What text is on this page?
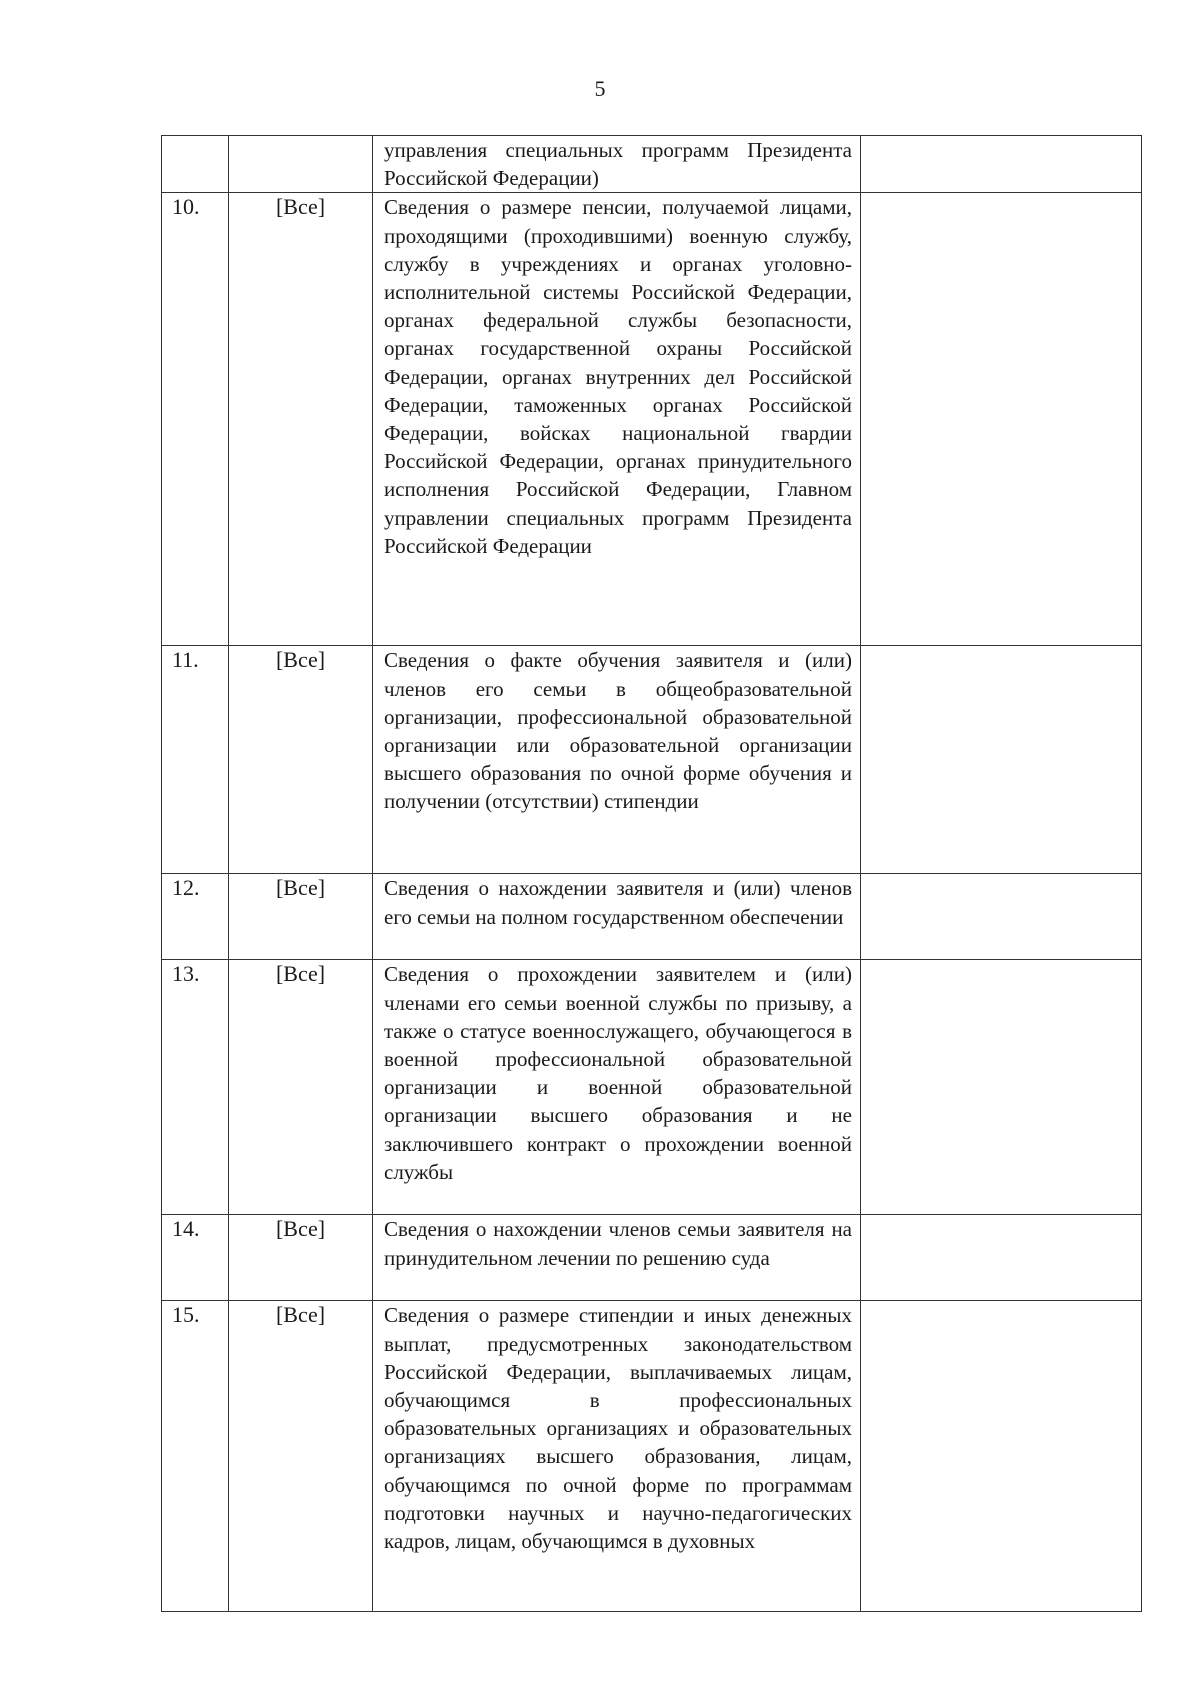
5

		управления специальных программ Президента Российской Федерации)	

10.	[Все]	Сведения о размере пенсии, получаемой лицами, проходящими (проходившими) военную службу, службу в учреждениях и органах уголовно-исполнительной системы Российской Федерации, органах федеральной службы безопасности, органах государственной охраны Российской Федерации, органах внутренних дел Российской Федерации, таможенных органах Российской Федерации, войсках национальной гвардии Российской Федерации, органах принудительного исполнения Российской Федерации, Главном управлении специальных программ Президента Российской Федерации	

11.	[Все]	Сведения о факте обучения заявителя и (или) членов его семьи в общеобразовательной организации, профессиональной образовательной организации или образовательной организации высшего образования по очной форме обучения и получении (отсутствии) стипендии	

12.	[Все]	Сведения о нахождении заявителя и (или) членов его семьи на полном государственном обеспечении	

13.	[Все]	Сведения о прохождении заявителем и (или) членами его семьи военной службы по призыву, а также о статусе военнослужащего, обучающегося в военной профессиональной образовательной организации и военной образовательной организации высшего образования и не заключившего контракт о прохождении военной службы	

14.	[Все]	Сведения о нахождении членов семьи заявителя на принудительном лечении по решению суда	

15.	[Все]	Сведения о размере стипендии и иных денежных выплат, предусмотренных законодательством Российской Федерации, выплачиваемых лицам, обучающимся в профессиональных образовательных организациях и образовательных организациях высшего образования, лицам, обучающимся по очной форме по программам подготовки научных и научно-педагогических кадров, лицам, обучающимся в духовных	
